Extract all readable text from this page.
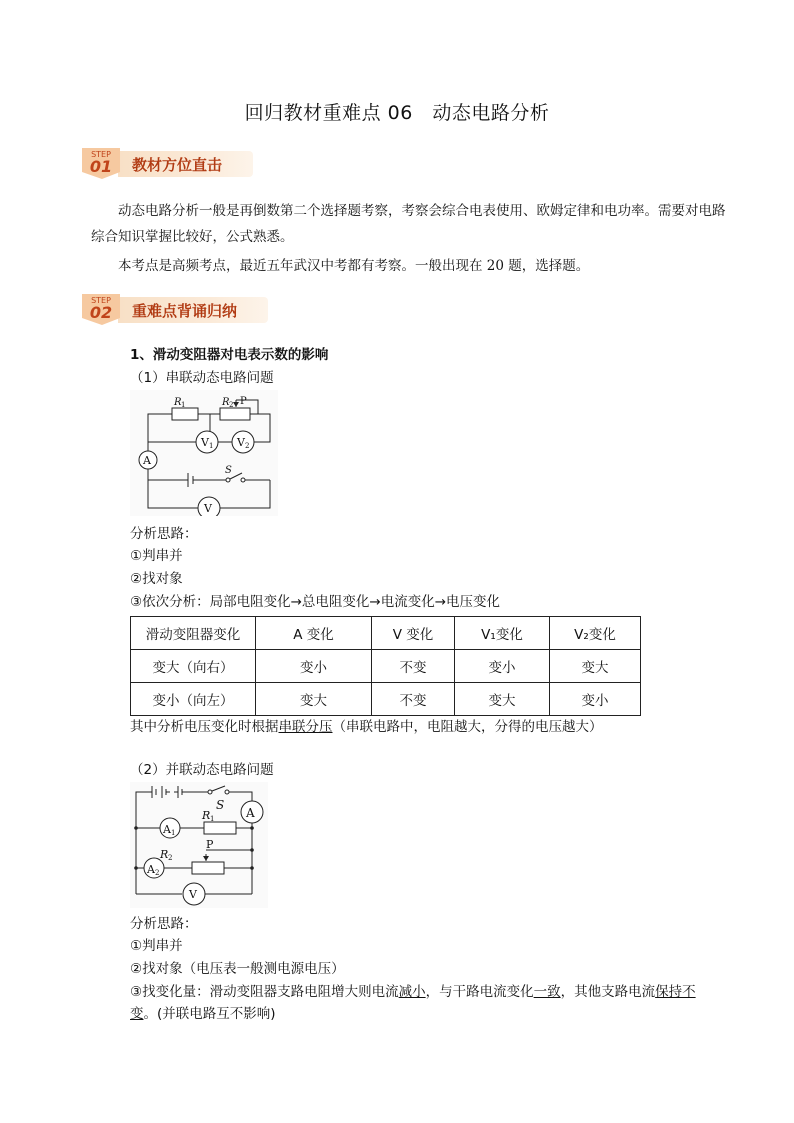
回归教材重难点 06　动态电路分析
教材方位直击
STEP
01
动态电路分析一般是再倒数第二个选择题考察，考察会综合电表使用、欧姆定律和电功率。需要对电路综合知识掌握比较好，公式熟悉。
本考点是高频考点，最近五年武汉中考都有考察。一般出现在 20 题，选择题。
重难点背诵归纳
STEP
02
1、滑动变阻器对电表示数的影响
（1）串联动态电路问题
R 1	R 2 P
V 1 V 2
A
S
V
分析思路：
①判串并
②找对象
③依次分析：局部电阻变化→总电阻变化→电流变化→电压变化
滑动变阻器变化	A 变化	V 变化	V₁变化	V₂变化
变大（向右）	变小	不变	变小	变大
变小（向左）	变大	不变	变大	变小
其中分析电压变化时根据串联分压（串联电路中，电阻越大，分得的电压越大）
（2）并联动态电路问题
S
A
A 1
R 1
R 2
A 2
P
V
分析思路：
①判串并
②找对象（电压表一般测电源电压）
③找变化量：滑动变阻器支路电阻增大则电流减小，与干路电流变化一致，其他支路电流保持不
变。(并联电路互不影响)
